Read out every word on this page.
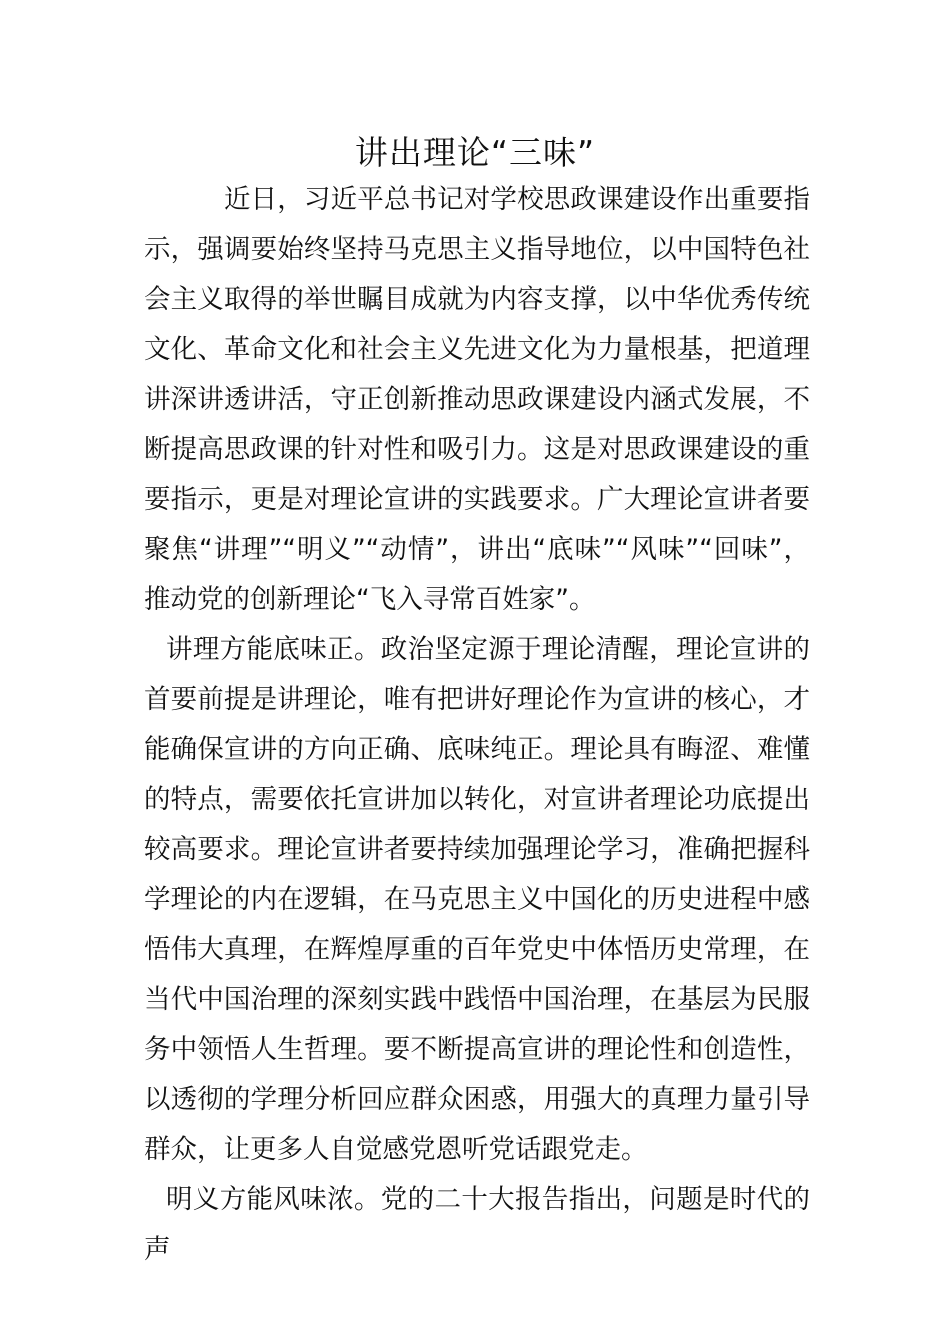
讲出理论“三味”

近日，习近平总书记对学校思政课建设作出重要指示，强调要始终坚持马克思主义指导地位，以中国特色社会主义取得的举世瞩目成就为内容支撑，以中华优秀传统文化、革命文化和社会主义先进文化为力量根基，把道理讲深讲透讲活，守正创新推动思政课建设内涵式发展，不断提高思政课的针对性和吸引力。这是对思政课建设的重要指示，更是对理论宣讲的实践要求。广大理论宣讲者要聚焦“讲理”“明义”“动情”，讲出“底味”“风味”“回味”，推动党的创新理论“飞入寻常百姓家”。

讲理方能底味正。政治坚定源于理论清醒，理论宣讲的首要前提是讲理论，唯有把讲好理论作为宣讲的核心，才能确保宣讲的方向正确、底味纯正。理论具有晦涩、难懂的特点，需要依托宣讲加以转化，对宣讲者理论功底提出较高要求。理论宣讲者要持续加强理论学习，准确把握科学理论的内在逻辑，在马克思主义中国化的历史进程中感悟伟大真理，在辉煌厚重的百年党史中体悟历史常理，在当代中国治理的深刻实践中践悟中国治理，在基层为民服务中领悟人生哲理。要不断提高宣讲的理论性和创造性，以透彻的学理分析回应群众困惑，用强大的真理力量引导群众，让更多人自觉感党恩听党话跟党走。

明义方能风味浓。党的二十大报告指出，问题是时代的声
